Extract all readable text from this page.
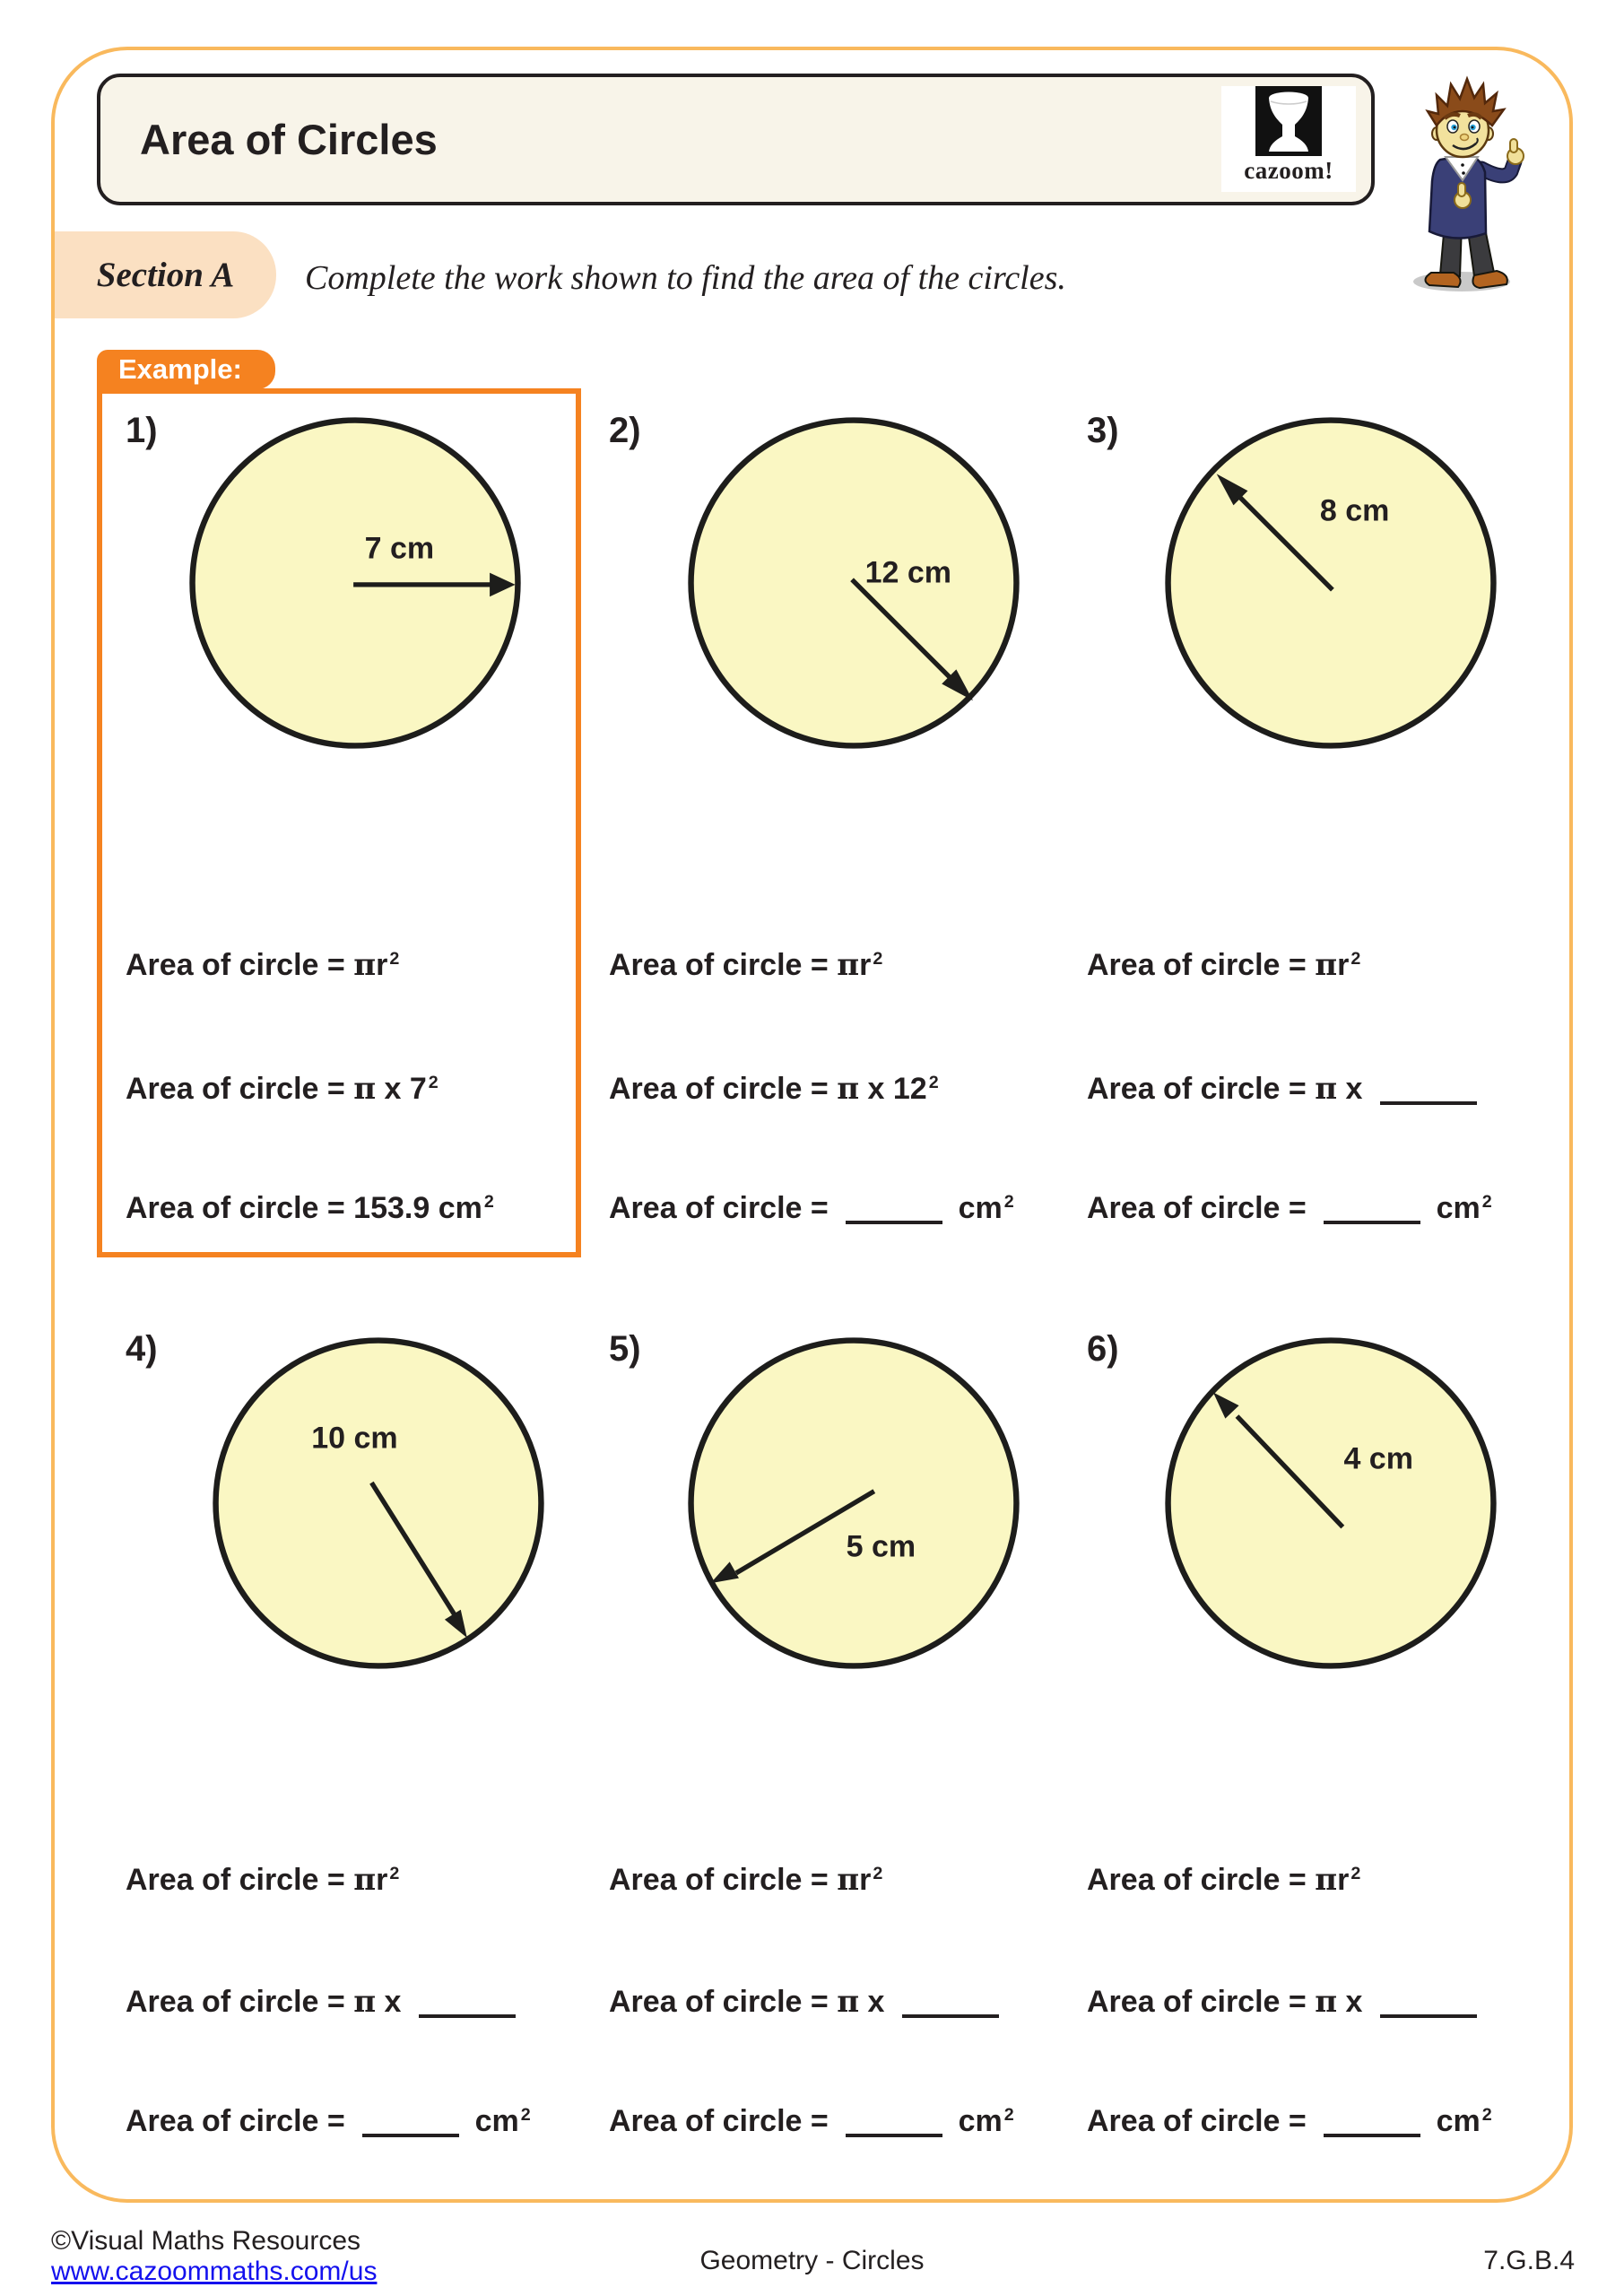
Area of Circles
cazoom!
Section A	Complete the work shown to find the area of the circles.
Example:
1)
7 cm
2)
12 cm
3)
8 cm
Area of circle = πr $^2$	Area of circle = πr $^2$	Area of circle = πr $^2$
Area of circle = π x 7 $^2$	Area of circle = π x 12 $^2$	Area of circle = π x
Area of circle = 153.9 cm $^2$	Area of circle =	cm $^2$ Area of circle =	cm $^2$
4)
10 cm
5)
5 cm
6)
4 cm
Area of circle = πr $^2$	Area of circle = πr $^2$	Area of circle = πr $^2$
Area of circle = π x	Area of circle = π x	Area of circle = π x
Area of circle =	cm $^2$	Area of circle =	cm $^2$ Area of circle =	cm $^2$
©Visual Maths Resources
www.cazoommaths.com/us	Geometry - Circles	7.G.B.4
